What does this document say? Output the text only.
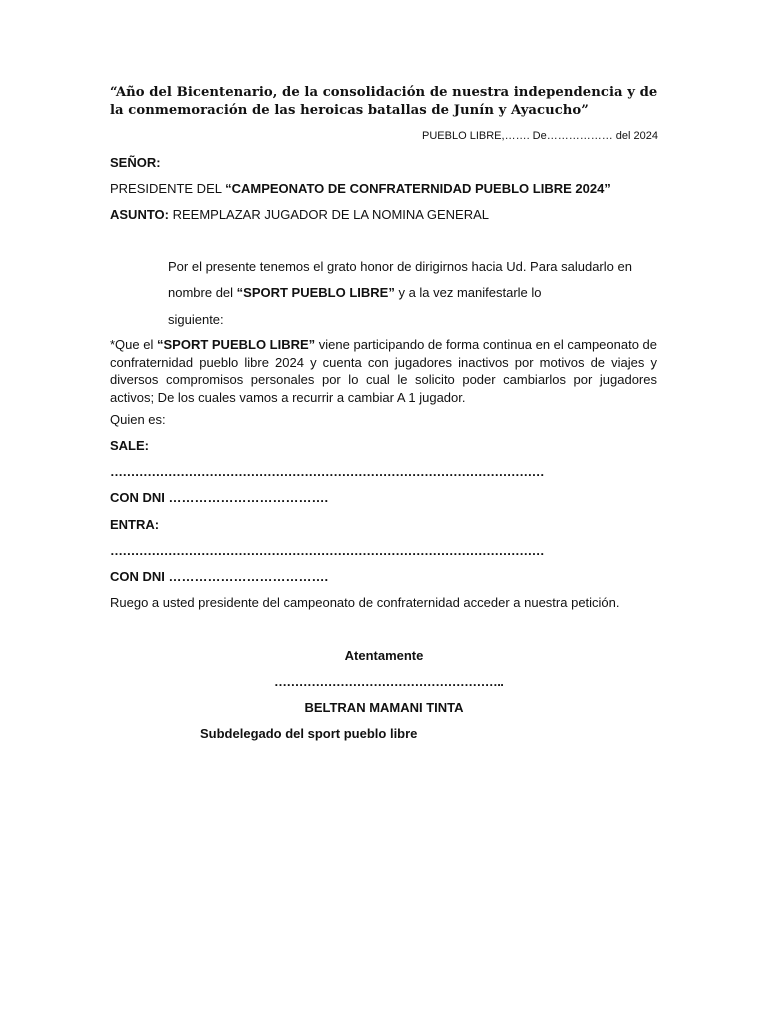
“Año del Bicentenario, de la consolidación de nuestra independencia y de la conmemoración de las heroicas batallas de Junín y Ayacucho”
PUEBLO LIBRE,……. De……………… del 2024
SEÑOR:
PRESIDENTE DEL “CAMPEONATO DE CONFRATERNIDAD PUEBLO LIBRE 2024”
ASUNTO: REEMPLAZAR JUGADOR DE LA NOMINA GENERAL
Por el presente tenemos el grato honor de dirigirnos hacia Ud. Para saludarlo en
nombre del “SPORT PUEBLO LIBRE” y a la vez manifestarle lo
siguiente:
*Que el “SPORT PUEBLO LIBRE” viene participando de forma continua en el campeonato de confraternidad pueblo libre 2024 y cuenta con jugadores inactivos por motivos de viajes y diversos compromisos personales por lo cual le solicito poder cambiarlos por jugadores activos; De los cuales vamos a recurrir a cambiar A 1 jugador.
Quien es:
SALE:
……………………………………………………………………………………………
CON DNI ……………………………….
ENTRA:
……………………………………………………………………………………………
CON DNI ……………………………….
Ruego a usted presidente del campeonato de confraternidad acceder a nuestra petición.
Atentamente
………………………………………………..
BELTRAN MAMANI TINTA
Subdelegado del sport pueblo libre
